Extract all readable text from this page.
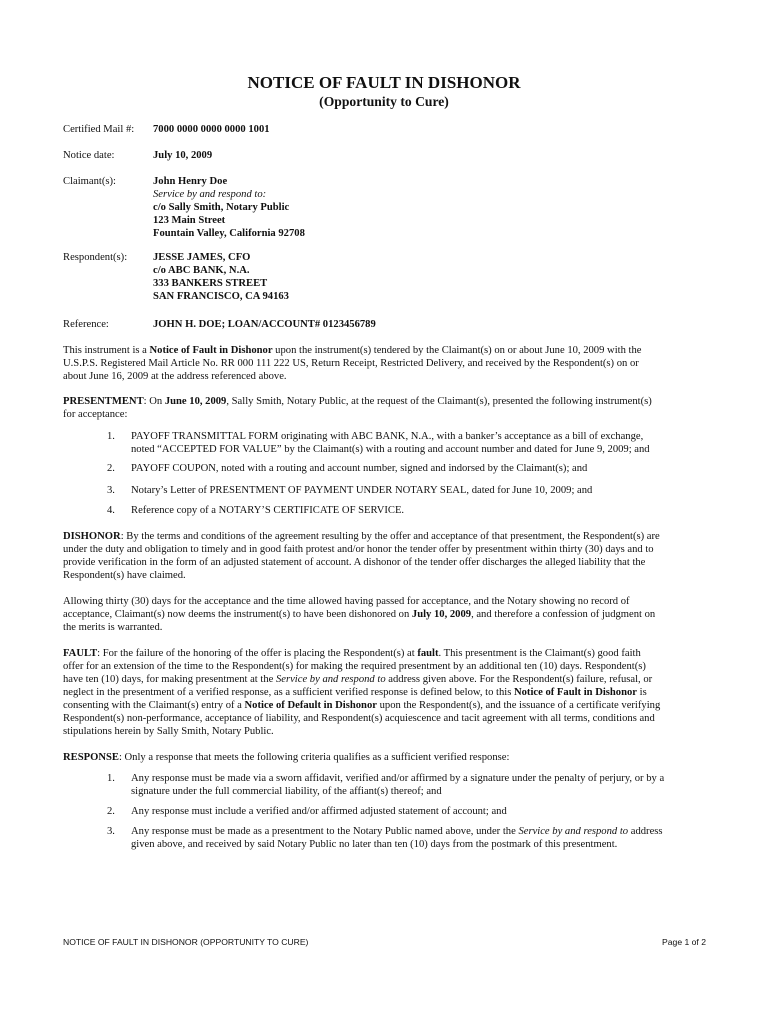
NOTICE OF FAULT IN DISHONOR
(Opportunity to Cure)
Certified Mail #:	7000 0000 0000 0000 1001
Notice date:	July 10, 2009
Claimant(s):	John Henry Doe
Service by and respond to:
c/o Sally Smith, Notary Public
123 Main Street
Fountain Valley, California 92708
Respondent(s):	JESSE JAMES, CFO
c/o ABC BANK, N.A.
333 BANKERS STREET
SAN FRANCISCO, CA 94163
Reference:	JOHN H. DOE; LOAN/ACCOUNT# 0123456789
This instrument is a Notice of Fault in Dishonor upon the instrument(s) tendered by the Claimant(s) on or about June 10, 2009 with the
U.S.P.S. Registered Mail Article No. RR 000 111 222 US, Return Receipt, Restricted Delivery, and received by the Respondent(s) on or
about June 16, 2009 at the address referenced above.
PRESENTMENT: On June 10, 2009, Sally Smith, Notary Public, at the request of the Claimant(s), presented the following instrument(s)
for acceptance:
1. PAYOFF TRANSMITTAL FORM originating with ABC BANK, N.A., with a banker’s acceptance as a bill of exchange,
noted “ACCEPTED FOR VALUE” by the Claimant(s) with a routing and account number and dated for June 9, 2009; and
2. PAYOFF COUPON, noted with a routing and account number, signed and indorsed by the Claimant(s); and
3. Notary’s Letter of PRESENTMENT OF PAYMENT UNDER NOTARY SEAL, dated for June 10, 2009; and
4. Reference copy of a NOTARY’S CERTIFICATE OF SERVICE.
DISHONOR: By the terms and conditions of the agreement resulting by the offer and acceptance of that presentment, the Respondent(s) are
under the duty and obligation to timely and in good faith protest and/or honor the tender offer by presentment within thirty (30) days and to
provide verification in the form of an adjusted statement of account. A dishonor of the tender offer discharges the alleged liability that the
Respondent(s) have claimed.
Allowing thirty (30) days for the acceptance and the time allowed having passed for acceptance, and the Notary showing no record of
acceptance, Claimant(s) now deems the instrument(s) to have been dishonored on July 10, 2009, and therefore a confession of judgment on
the merits is warranted.
FAULT: For the failure of the honoring of the offer is placing the Respondent(s) at fault. This presentment is the Claimant(s) good faith
offer for an extension of the time to the Respondent(s) for making the required presentment by an additional ten (10) days. Respondent(s)
have ten (10) days, for making presentment at the Service by and respond to address given above. For the Respondent(s) failure, refusal, or
neglect in the presentment of a verified response, as a sufficient verified response is defined below, to this Notice of Fault in Dishonor is
consenting with the Claimant(s) entry of a Notice of Default in Dishonor upon the Respondent(s), and the issuance of a certificate verifying
Respondent(s) non-performance, acceptance of liability, and Respondent(s) acquiescence and tacit agreement with all terms, conditions and
stipulations herein by Sally Smith, Notary Public.
RESPONSE: Only a response that meets the following criteria qualifies as a sufficient verified response:
1. Any response must be made via a sworn affidavit, verified and/or affirmed by a signature under the penalty of perjury, or by a
signature under the full commercial liability, of the affiant(s) thereof; and
2. Any response must include a verified and/or affirmed adjusted statement of account; and
3. Any response must be made as a presentment to the Notary Public named above, under the Service by and respond to address
given above, and received by said Notary Public no later than ten (10) days from the postmark of this presentment.
NOTICE OF FAULT IN DISHONOR (OPPORTUNITY TO CURE)	Page 1 of 2
